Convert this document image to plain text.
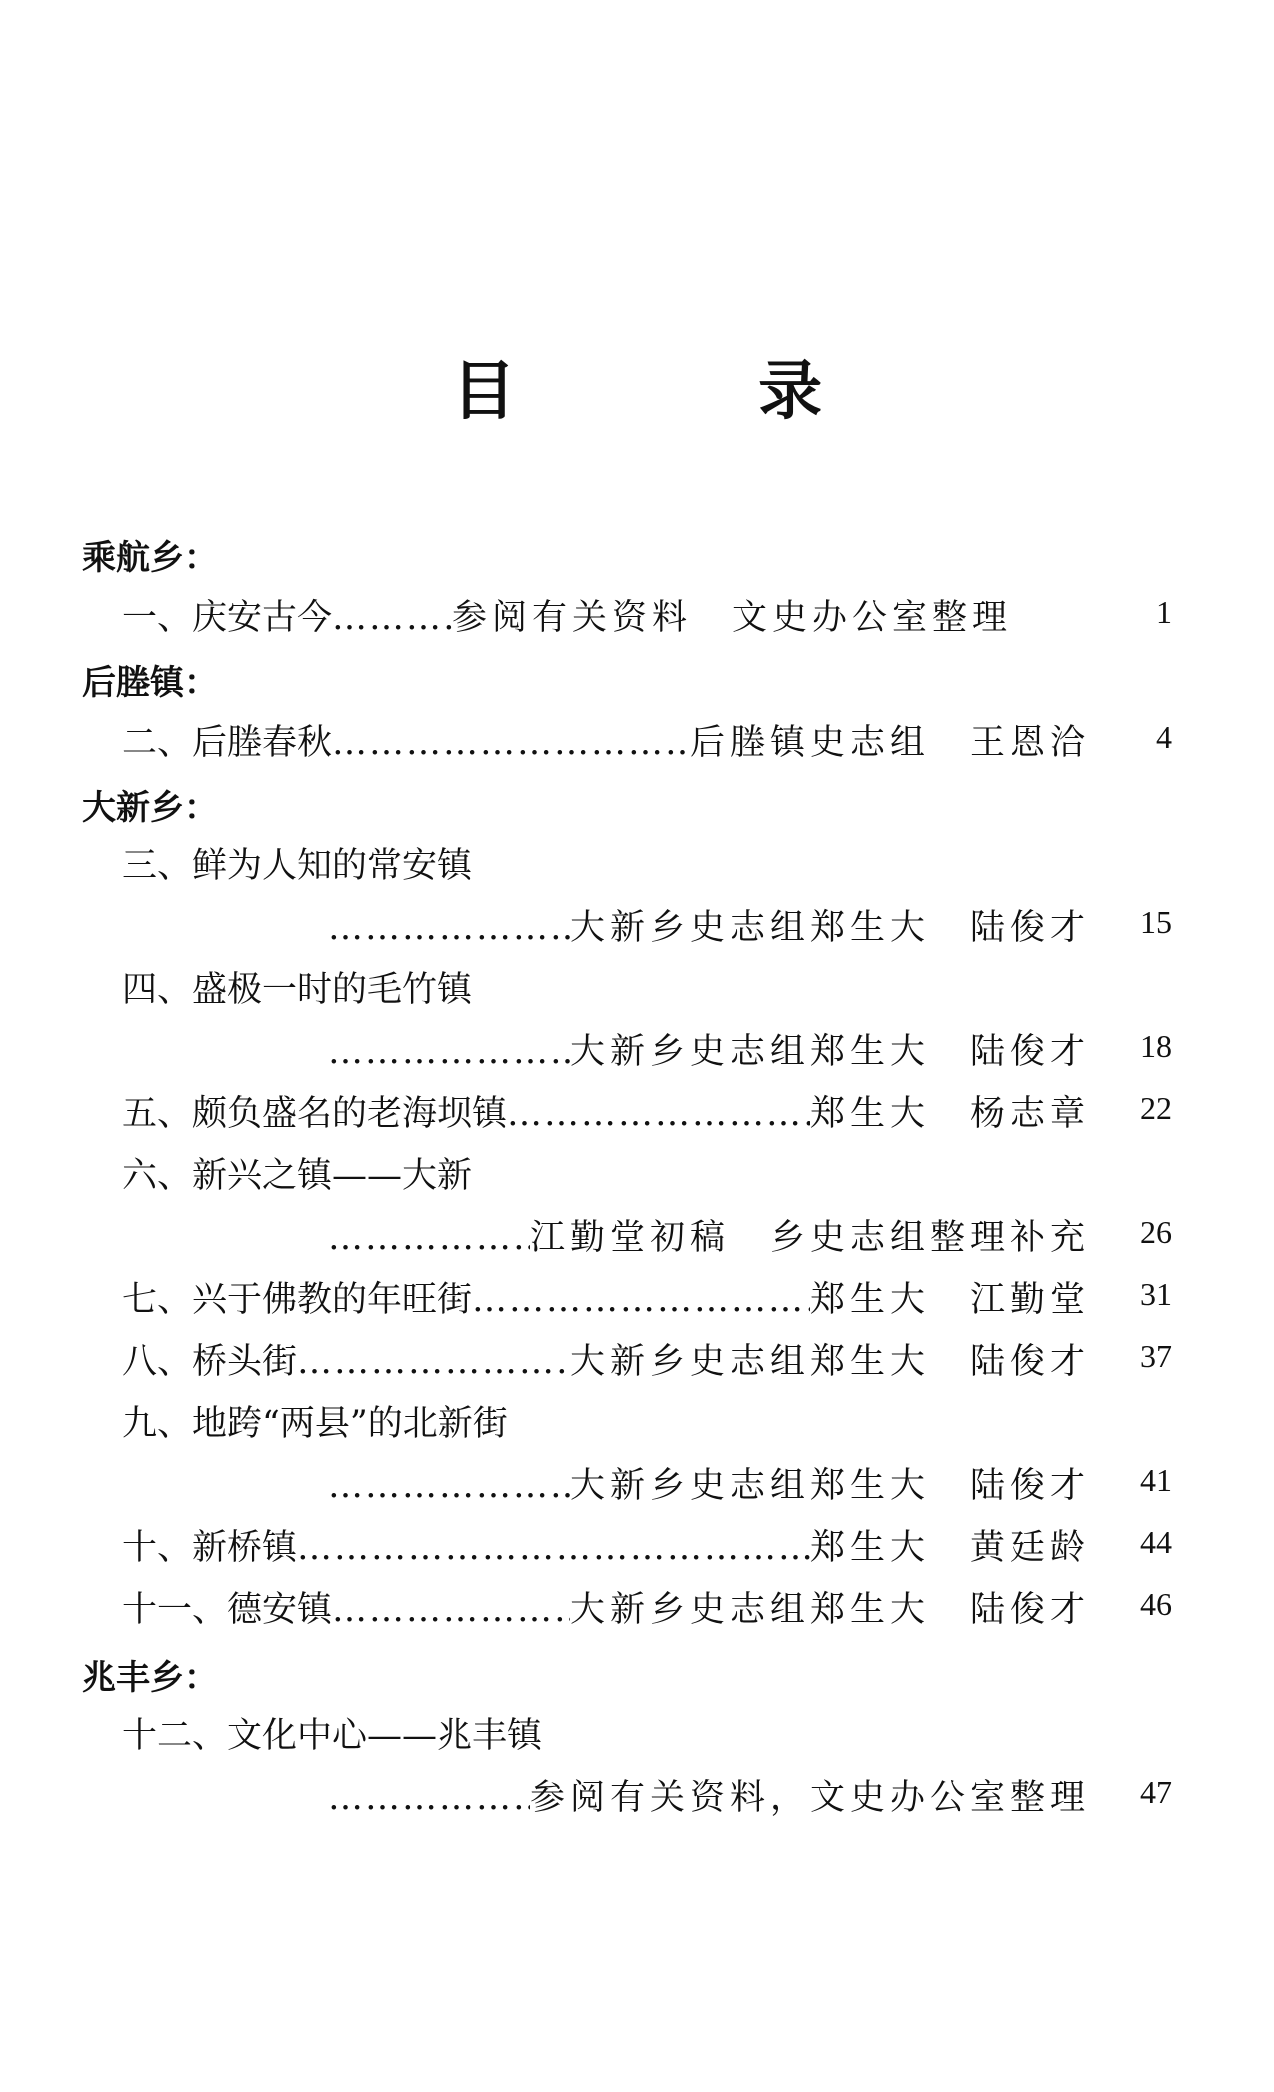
目 录
乘航乡：
一、 庆安古今 ………………………………………………………………………………	参阅有关资料　文史办公室整理	1
后塍镇：
二、 后塍春秋 ………………………………………………………………………………	后塍镇史志组　王恩洽	4
大新乡：
三、鲜为人知的常安镇
………………………………………………………………………………
大新乡史志组郑生大　陆俊才	15
四、盛极一时的毛竹镇
………………………………………………………………………………
大新乡史志组郑生大　陆俊才	18
五、 颇负盛名的老海坝镇 ………………………………………………………………………………	郑生大　杨志章	22
六、新兴之镇——大新
………………………………………………………………………………
江勤堂初稿　乡史志组整理补充	26
七、 兴于佛教的年旺街 ………………………………………………………………………………	郑生大　江勤堂	31
八、 桥头街 ………………………………………………………………………………	大新乡史志组郑生大　陆俊才	37
九、地跨“两县”的北新街
………………………………………………………………………………
大新乡史志组郑生大　陆俊才	41
十、 新桥镇 ………………………………………………………………………………	郑生大　黄廷龄	44
十一、 德安镇 ………………………………………………………………………………	大新乡史志组郑生大　陆俊才	46
兆丰乡：
十二、文化中心——兆丰镇
………………………………………………………………………………
参阅有关资料，文史办公室整理	47
